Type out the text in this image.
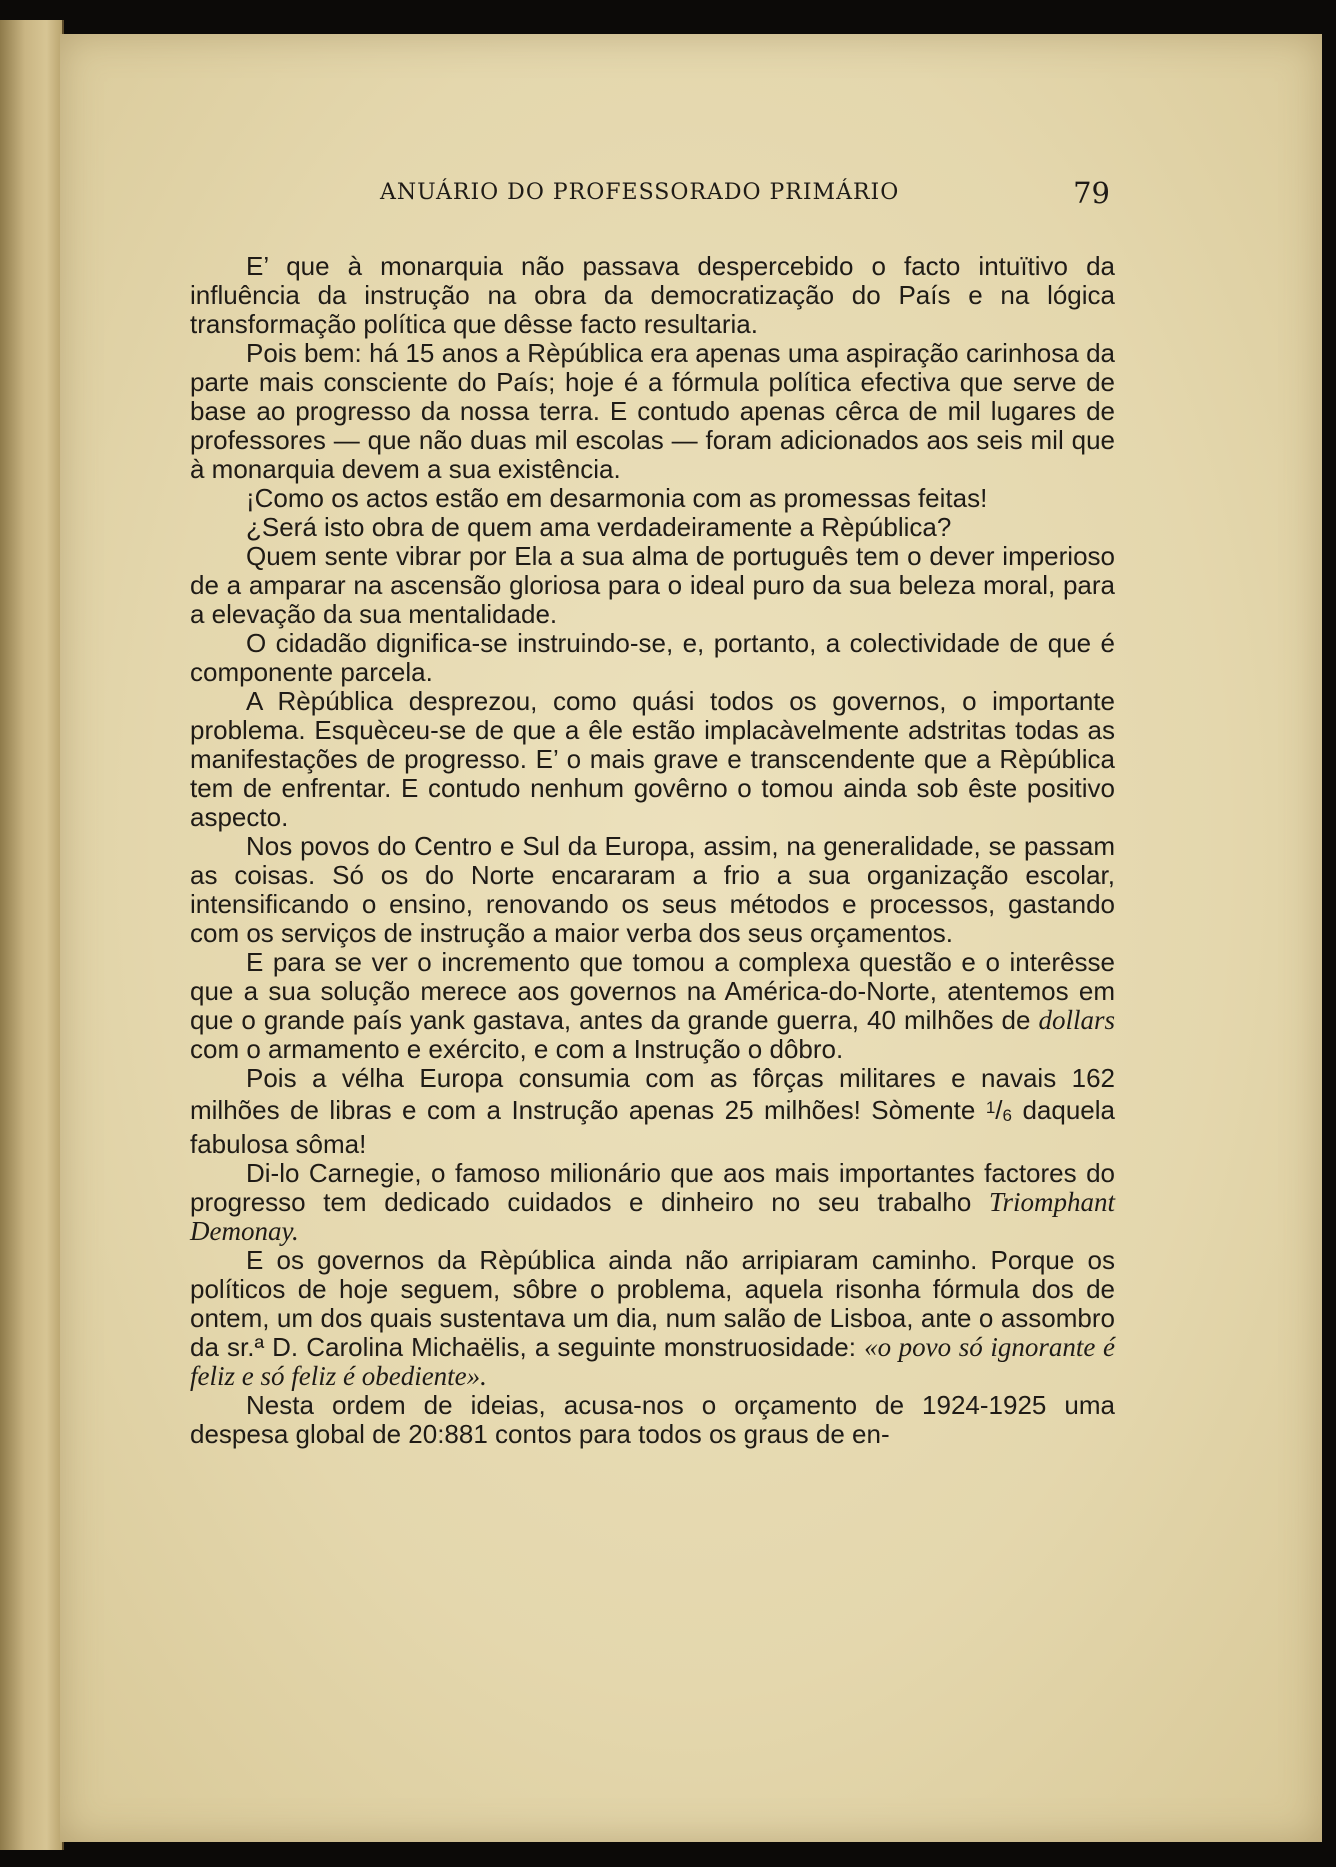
ANUÁRIO DO PROFESSORADO PRIMÁRIO	79

E’ que à monarquia não passava despercebido o facto intuïtivo da influência da instrução na obra da democratização do País e na lógica transformação política que dêsse facto resultaria.

Pois bem: há 15 anos a Rèpública era apenas uma aspiração carinhosa da parte mais consciente do País; hoje é a fórmula política efectiva que serve de base ao progresso da nossa terra. E contudo apenas cêrca de mil lugares de professores — que não duas mil escolas — foram adicionados aos seis mil que à monarquia devem a sua existência.

¡Como os actos estão em desarmonia com as promessas feitas!

¿Será isto obra de quem ama verdadeiramente a Rèpública?

Quem sente vibrar por Ela a sua alma de português tem o dever imperioso de a amparar na ascensão gloriosa para o ideal puro da sua beleza moral, para a elevação da sua mentalidade.

O cidadão dignifica-se instruindo-se, e, portanto, a colectividade de que é componente parcela.

A Rèpública desprezou, como quási todos os governos, o importante problema. Esquèceu-se de que a êle estão implacàvelmente adstritas todas as manifestações de progresso. E’ o mais grave e transcendente que a Rèpública tem de enfrentar. E contudo nenhum govêrno o tomou ainda sob êste positivo aspecto.

Nos povos do Centro e Sul da Europa, assim, na generalidade, se passam as coisas. Só os do Norte encararam a frio a sua organização escolar, intensificando o ensino, renovando os seus métodos e processos, gastando com os serviços de instrução a maior verba dos seus orçamentos.

E para se ver o incremento que tomou a complexa questão e o interêsse que a sua solução merece aos governos na América-do-Norte, atentemos em que o grande país yank gastava, antes da grande guerra, 40 milhões de dollars com o armamento e exército, e com a Instrução o dôbro.

Pois a vélha Europa consumia com as fôrças militares e navais 162 milhões de libras e com a Instrução apenas 25 milhões! Sòmente $^1$/6 daquela fabulosa sôma!

Di-lo Carnegie, o famoso milionário que aos mais importantes factores do progresso tem dedicado cuidados e dinheiro no seu trabalho Triomphant Demonay.

E os governos da Rèpública ainda não arripiaram caminho. Porque os políticos de hoje seguem, sôbre o problema, aquela risonha fórmula dos de ontem, um dos quais sustentava um dia, num salão de Lisboa, ante o assombro da sr.ª D. Carolina Michaëlis, a seguinte monstruosidade: «o povo só ignorante é feliz e só feliz é obediente».

Nesta ordem de ideias, acusa-nos o orçamento de 1924-1925 uma despesa global de 20:881 contos para todos os graus de en-
